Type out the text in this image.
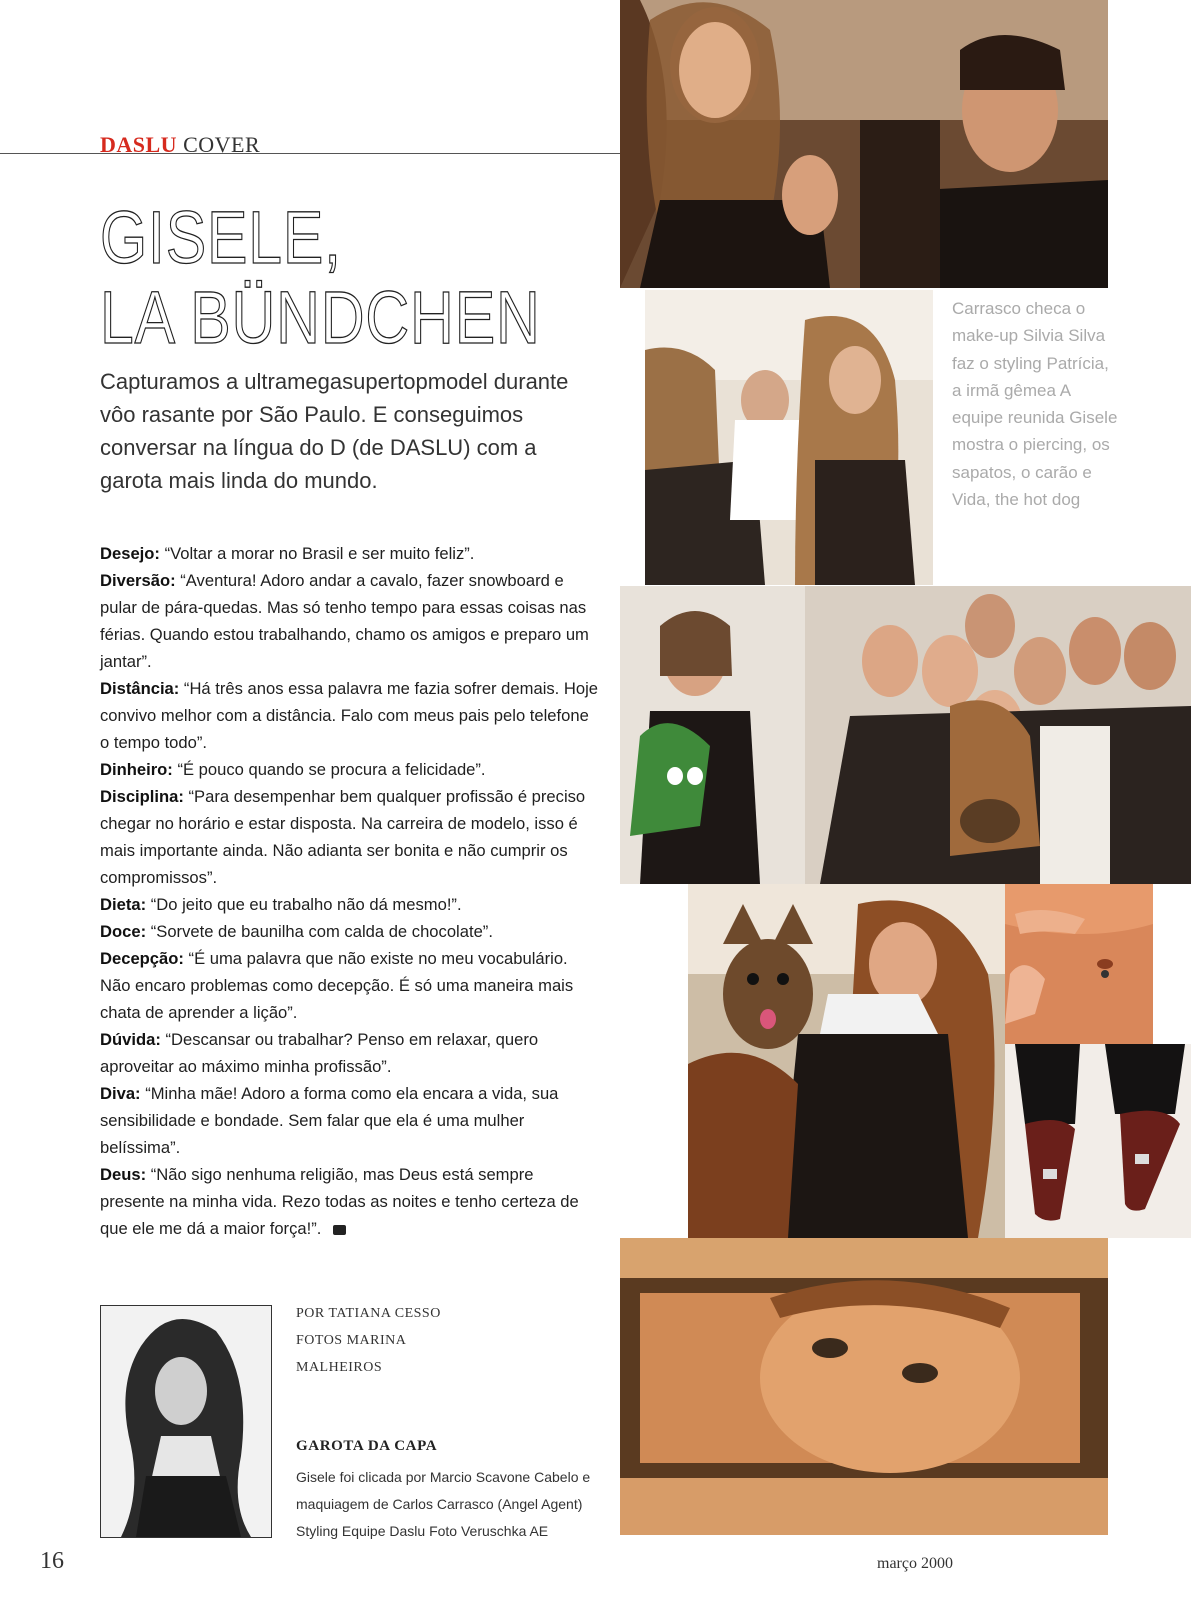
DASLU COVER
GISELE,
LA BÜNDCHEN

Capturamos a ultramegasupertopmodel durante vôo rasante por São Paulo. E conseguimos conversar na língua do D (de DASLU) com a garota mais linda do mundo.

Desejo: “Voltar a morar no Brasil e ser muito feliz”.

Diversão: “Aventura! Adoro andar a cavalo, fazer snowboard e pular de pára-quedas. Mas só tenho tempo para essas coisas nas férias. Quando estou trabalhando, chamo os amigos e preparo um jantar”.

Distância: “Há três anos essa palavra me fazia sofrer demais. Hoje convivo melhor com a distância. Falo com meus pais pelo telefone o tempo todo”.

Dinheiro: “É pouco quando se procura a felicidade”.

Disciplina: “Para desempenhar bem qualquer profissão é preciso chegar no horário e estar disposta. Na carreira de modelo, isso é mais importante ainda. Não adianta ser bonita e não cumprir os compromissos”.

Dieta: “Do jeito que eu trabalho não dá mesmo!”.

Doce: “Sorvete de baunilha com calda de chocolate”.

Decepção: “É uma palavra que não existe no meu vocabulário. Não encaro problemas como decepção. É só uma maneira mais chata de aprender a lição”.

Dúvida: “Descansar ou trabalhar? Penso em relaxar, quero aproveitar ao máximo minha profissão”.

Diva: “Minha mãe! Adoro a forma como ela encara a vida, sua sensibilidade e bondade. Sem falar que ela é uma mulher belíssima”.

Deus: “Não sigo nenhuma religião, mas Deus está sempre presente na minha vida. Rezo todas as noites e tenho certeza de que ele me dá a maior força!”.

POR TATIANA CESSO
FOTOS MARINA
MALHEIROS
GAROTA DA CAPA
Gisele foi clicada por Marcio Scavone Cabelo e maquiagem de Carlos Carrasco (Angel Agent) Styling Equipe Daslu Foto Veruschka AE
16	março 2000
Carrasco checa o make-up Silvia Silva faz o styling Patrícia, a irmã gêmea A equipe reunida Gisele mostra o piercing, os sapatos, o carão e Vida, the hot dog
